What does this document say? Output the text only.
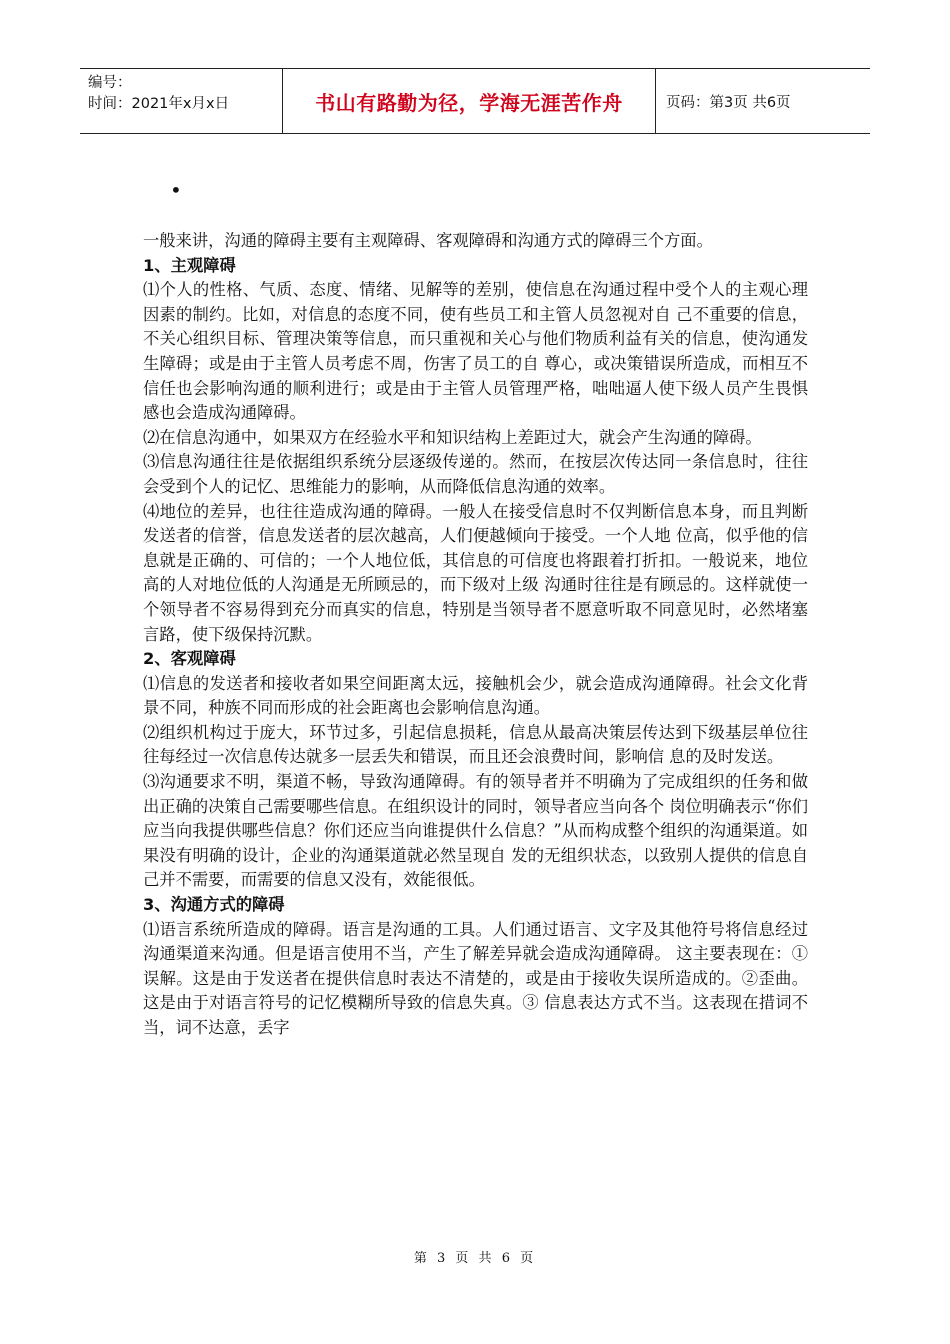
编号：
时间：2021年x月x日	书山有路勤为径，学海无涯苦作舟	页码：第3页 共6页
•

一般来讲，沟通的障碍主要有主观障碍、客观障碍和沟通方式的障碍三个方面。

1、主观障碍

⑴个人的性格、气质、态度、情绪、见解等的差别，使信息在沟通过程中受个人的主观心理因素的制约。比如，对信息的态度不同，使有些员工和主管人员忽视对自 己不重要的信息，不关心组织目标、管理决策等信息，而只重视和关心与他们物质利益有关的信息，使沟通发生障碍；或是由于主管人员考虑不周，伤害了员工的自 尊心，或决策错误所造成，而相互不信任也会影响沟通的顺利进行；或是由于主管人员管理严格，咄咄逼人使下级人员产生畏惧感也会造成沟通障碍。

⑵在信息沟通中，如果双方在经验水平和知识结构上差距过大，就会产生沟通的障碍。

⑶信息沟通往往是依据组织系统分层逐级传递的。然而，在按层次传达同一条信息时，往往会受到个人的记忆、思维能力的影响，从而降低信息沟通的效率。

⑷地位的差异，也往往造成沟通的障碍。一般人在接受信息时不仅判断信息本身，而且判断发送者的信誉，信息发送者的层次越高，人们便越倾向于接受。一个人地 位高，似乎他的信息就是正确的、可信的；一个人地位低，其信息的可信度也将跟着打折扣。一般说来，地位高的人对地位低的人沟通是无所顾忌的，而下级对上级 沟通时往往是有顾忌的。这样就使一个领导者不容易得到充分而真实的信息，特别是当领导者不愿意听取不同意见时，必然堵塞言路，使下级保持沉默。

2、客观障碍

⑴信息的发送者和接收者如果空间距离太远，接触机会少，就会造成沟通障碍。社会文化背景不同，种族不同而形成的社会距离也会影响信息沟通。

⑵组织机构过于庞大，环节过多，引起信息损耗，信息从最高决策层传达到下级基层单位往往每经过一次信息传达就多一层丢失和错误，而且还会浪费时间，影响信 息的及时发送。

⑶沟通要求不明，渠道不畅，导致沟通障碍。有的领导者并不明确为了完成组织的任务和做出正确的决策自己需要哪些信息。在组织设计的同时，领导者应当向各个 岗位明确表示“你们应当向我提供哪些信息？你们还应当向谁提供什么信息？”从而构成整个组织的沟通渠道。如果没有明确的设计，企业的沟通渠道就必然呈现自 发的无组织状态，以致别人提供的信息自己并不需要，而需要的信息又没有，效能很低。

3、沟通方式的障碍

⑴语言系统所造成的障碍。语言是沟通的工具。人们通过语言、文字及其他符号将信息经过沟通渠道来沟通。但是语言使用不当，产生了解差异就会造成沟通障碍。 这主要表现在：①误解。这是由于发送者在提供信息时表达不清楚的，或是由于接收失误所造成的。②歪曲。这是由于对语言符号的记忆模糊所导致的信息失真。③ 信息表达方式不当。这表现在措词不当，词不达意，丢字

第 3 页 共 6 页
